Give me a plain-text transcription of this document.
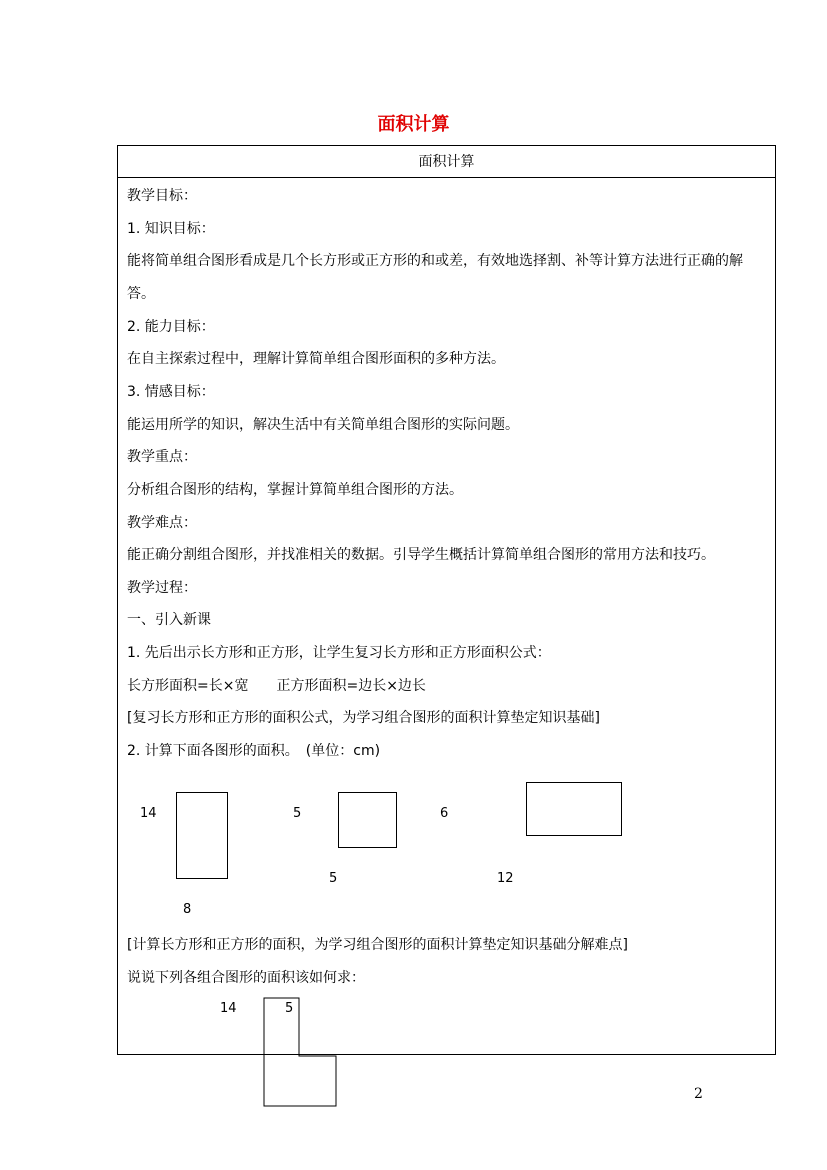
面积计算
面积计算
教学目标：
1. 知识目标：
能将简单组合图形看成是几个长方形或正方形的和或差，有效地选择割、补等计算方法进行正确的解
答。
2. 能力目标：
在自主探索过程中，理解计算简单组合图形面积的多种方法。
3. 情感目标：
能运用所学的知识，解决生活中有关简单组合图形的实际问题。
教学重点：
分析组合图形的结构，掌握计算简单组合图形的方法。
教学难点：
能正确分割组合图形，并找准相关的数据。引导学生概括计算简单组合图形的常用方法和技巧。
教学过程：
一、引入新课
1. 先后出示长方形和正方形，让学生复习长方形和正方形面积公式：
长方形面积=长×宽　　正方形面积=边长×边长
[复习长方形和正方形的面积公式，为学习组合图形的面积计算垫定知识基础]
2. 计算下面各图形的面积。　(单位：cm)
14
8
5
5
6
12
[计算长方形和正方形的面积，为学习组合图形的面积计算垫定知识基础分解难点]
说说下列各组合图形的面积该如何求：
14	5
2
